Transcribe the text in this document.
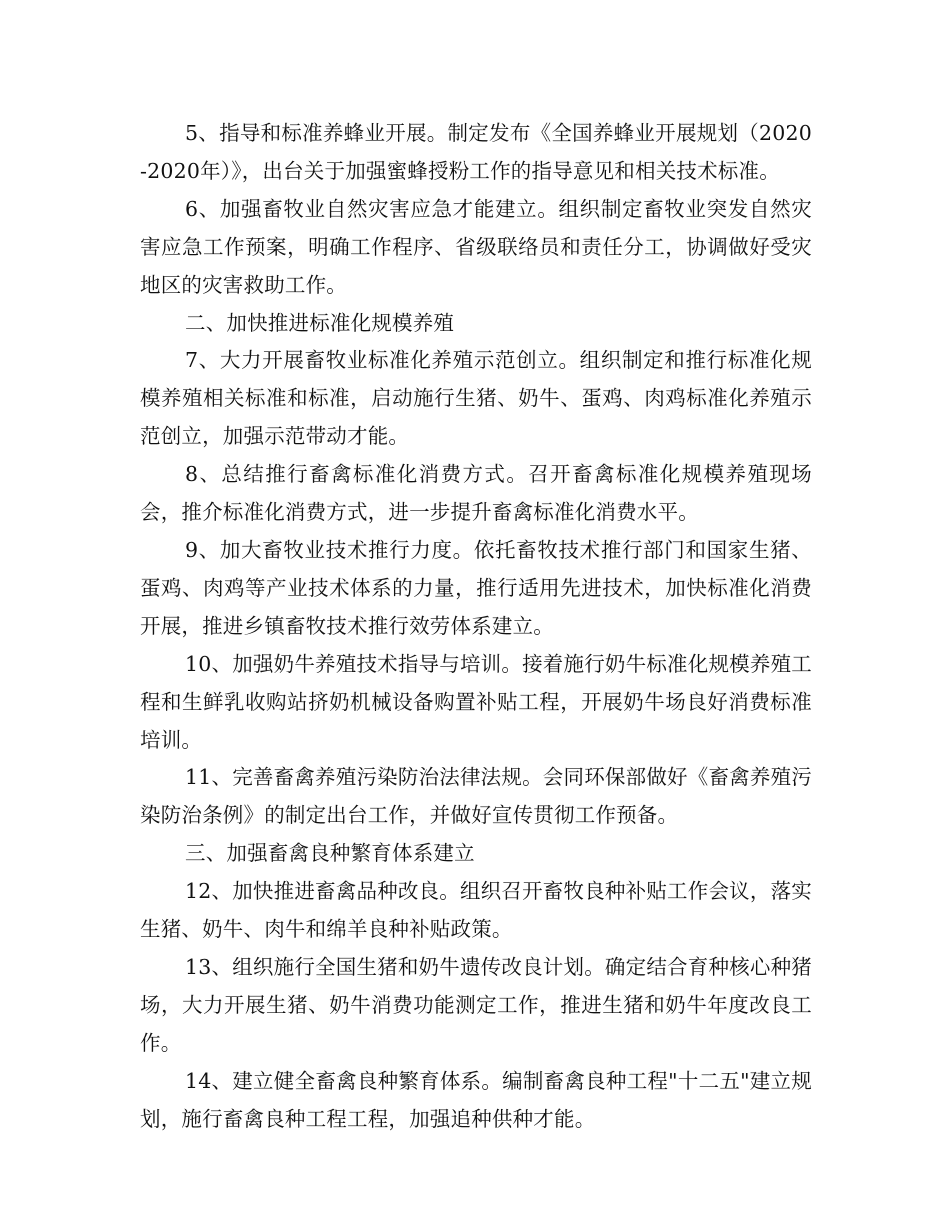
5、指导和标准养蜂业开展。制定发布《全国养蜂业开展规划（2020-2020年）》，出台关于加强蜜蜂授粉工作的指导意见和相关技术标准。

6、加强畜牧业自然灾害应急才能建立。组织制定畜牧业突发自然灾害应急工作预案，明确工作程序、省级联络员和责任分工，协调做好受灾地区的灾害救助工作。

二、加快推进标准化规模养殖

7、大力开展畜牧业标准化养殖示范创立。组织制定和推行标准化规模养殖相关标准和标准，启动施行生猪、奶牛、蛋鸡、肉鸡标准化养殖示范创立，加强示范带动才能。

8、总结推行畜禽标准化消费方式。召开畜禽标准化规模养殖现场会，推介标准化消费方式，进一步提升畜禽标准化消费水平。

9、加大畜牧业技术推行力度。依托畜牧技术推行部门和国家生猪、蛋鸡、肉鸡等产业技术体系的力量，推行适用先进技术，加快标准化消费开展，推进乡镇畜牧技术推行效劳体系建立。

10、加强奶牛养殖技术指导与培训。接着施行奶牛标准化规模养殖工程和生鲜乳收购站挤奶机械设备购置补贴工程，开展奶牛场良好消费标准培训。

11、完善畜禽养殖污染防治法律法规。会同环保部做好《畜禽养殖污染防治条例》的制定出台工作，并做好宣传贯彻工作预备。

三、加强畜禽良种繁育体系建立

12、加快推进畜禽品种改良。组织召开畜牧良种补贴工作会议，落实生猪、奶牛、肉牛和绵羊良种补贴政策。

13、组织施行全国生猪和奶牛遗传改良计划。确定结合育种核心种猪场，大力开展生猪、奶牛消费功能测定工作，推进生猪和奶牛年度改良工作。

14、建立健全畜禽良种繁育体系。编制畜禽良种工程"十二五"建立规划，施行畜禽良种工程工程，加强追种供种才能。
